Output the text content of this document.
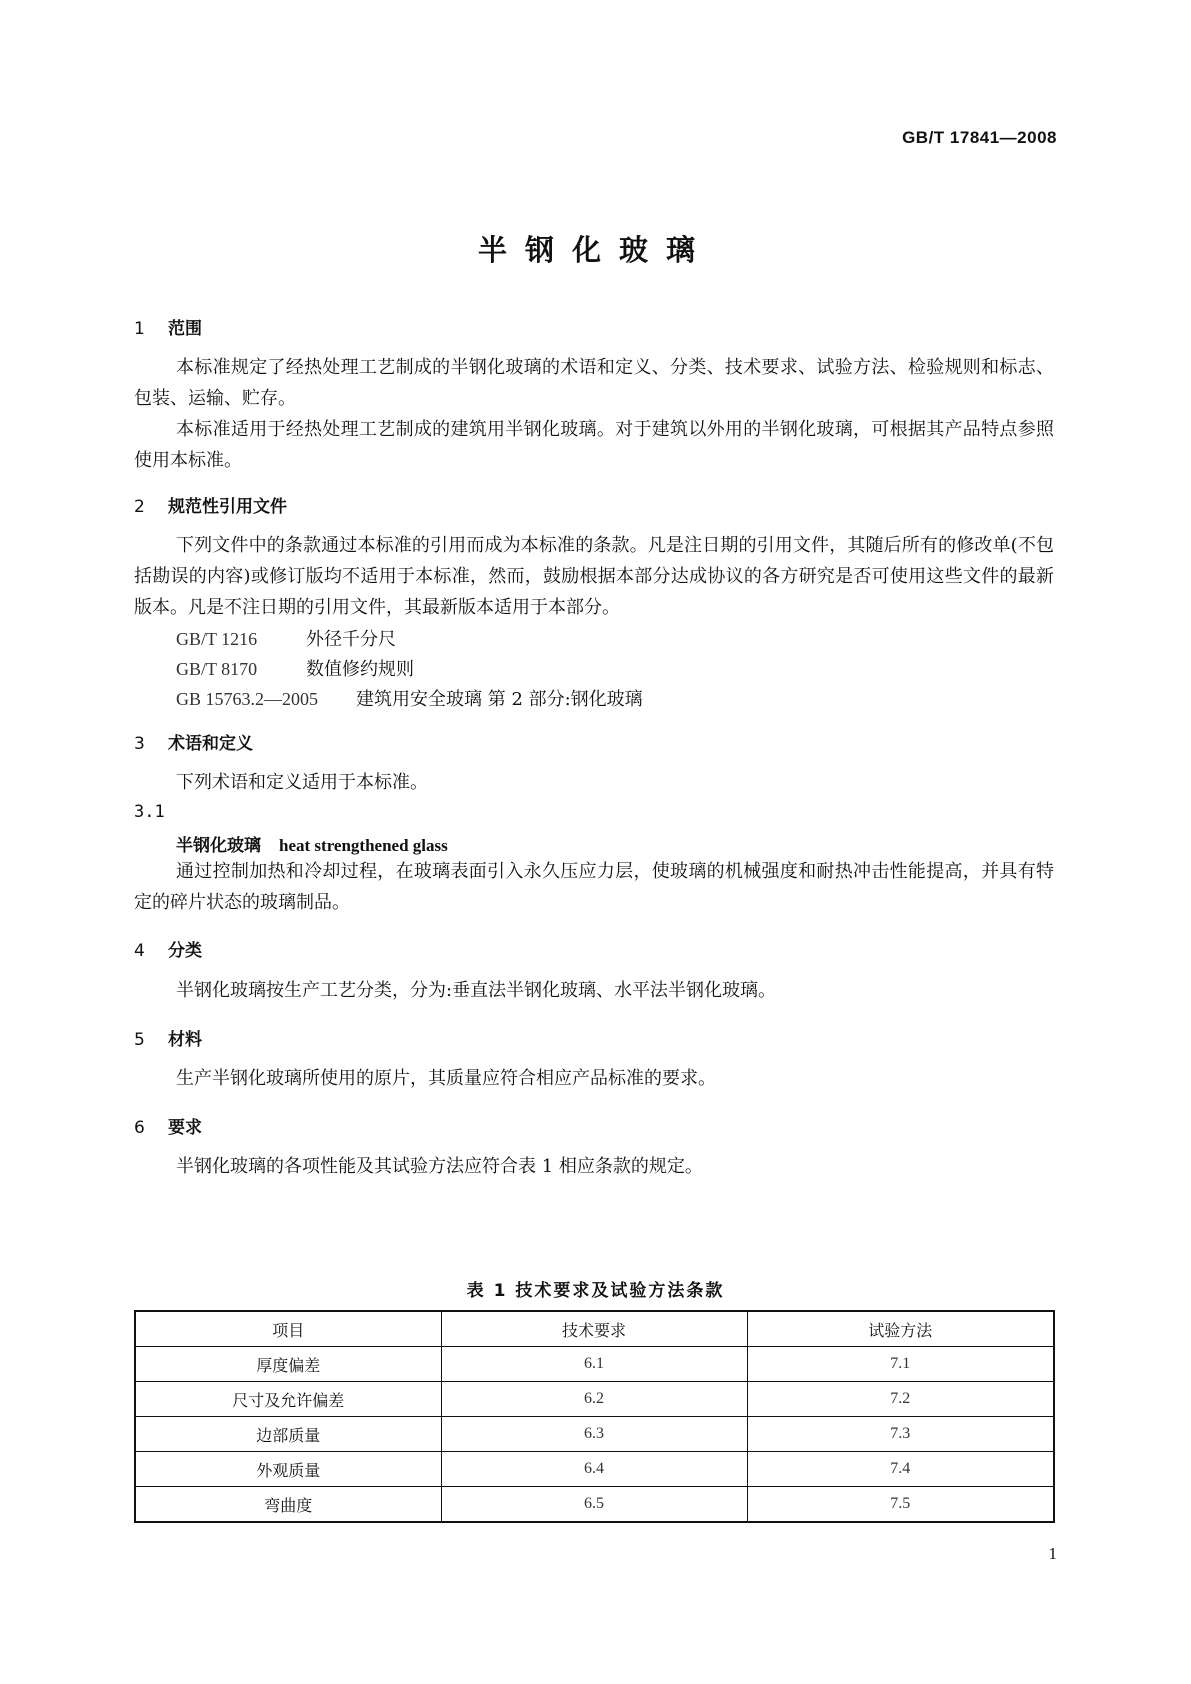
GB/T 17841—2008
半钢化玻璃
1 范围
本标准规定了经热处理工艺制成的半钢化玻璃的术语和定义、分类、技术要求、试验方法、检验规则和标志、包装、运输、贮存。
本标准适用于经热处理工艺制成的建筑用半钢化玻璃。对于建筑以外用的半钢化玻璃，可根据其产品特点参照使用本标准。
2 规范性引用文件
下列文件中的条款通过本标准的引用而成为本标准的条款。凡是注日期的引用文件，其随后所有的修改单(不包括勘误的内容)或修订版均不适用于本标准，然而，鼓励根据本部分达成协议的各方研究是否可使用这些文件的最新版本。凡是不注日期的引用文件，其最新版本适用于本部分。
GB/T 1216	外径千分尺
GB/T 8170	数值修约规则
GB 15763.2—2005 建筑用安全玻璃 第 2 部分:钢化玻璃
3 术语和定义
下列术语和定义适用于本标准。
3.1
半钢化玻璃 heat strengthened glass
通过控制加热和冷却过程，在玻璃表面引入永久压应力层，使玻璃的机械强度和耐热冲击性能提高，并具有特定的碎片状态的玻璃制品。
4 分类
半钢化玻璃按生产工艺分类，分为:垂直法半钢化玻璃、水平法半钢化玻璃。
5 材料
生产半钢化玻璃所使用的原片，其质量应符合相应产品标准的要求。
6 要求
半钢化玻璃的各项性能及其试验方法应符合表 1 相应条款的规定。
表 1 技术要求及试验方法条款
项目	技术要求	试验方法
厚度偏差	6.1	7.1
尺寸及允许偏差	6.2	7.2
边部质量	6.3	7.3
外观质量	6.4	7.4
弯曲度	6.5	7.5
1
